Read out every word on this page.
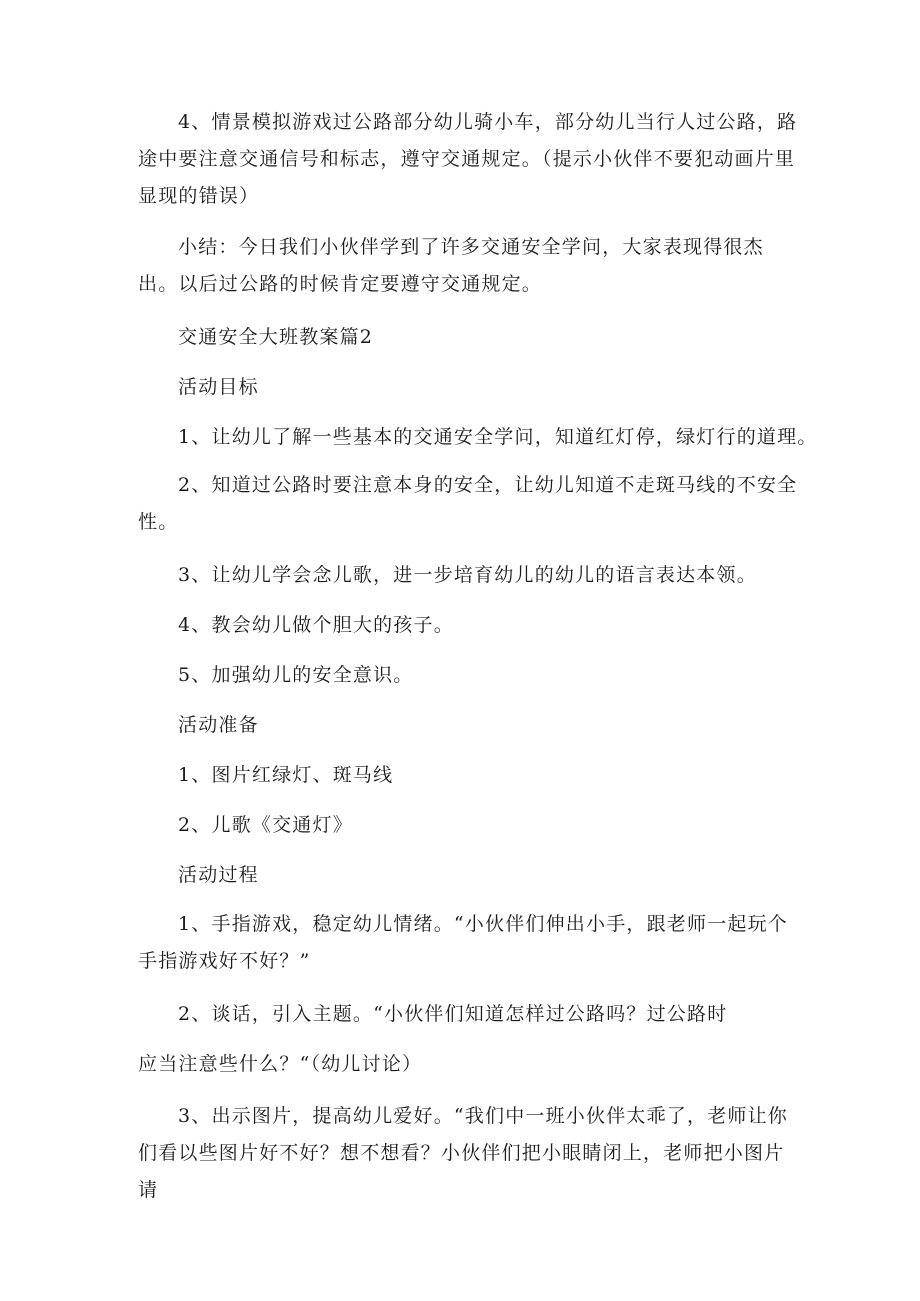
4、情景模拟游戏过公路部分幼儿骑小车，部分幼儿当行人过公路，路途中要注意交通信号和标志，遵守交通规定。（提示小伙伴不要犯动画片里显现的错误）

小结：今日我们小伙伴学到了许多交通安全学问，大家表现得很杰出。以后过公路的时候肯定要遵守交通规定。

交通安全大班教案篇2

活动目标

1、让幼儿了解一些基本的交通安全学问，知道红灯停，绿灯行的道理。

2、知道过公路时要注意本身的安全，让幼儿知道不走斑马线的不安全性。

3、让幼儿学会念儿歌，进一步培育幼儿的幼儿的语言表达本领。

4、教会幼儿做个胆大的孩子。

5、加强幼儿的安全意识。

活动准备

1、图片红绿灯、斑马线

2、儿歌《交通灯》

活动过程

1、手指游戏，稳定幼儿情绪。“小伙伴们伸出小手，跟老师一起玩个手指游戏好不好？”

2、谈话，引入主题。“小伙伴们知道怎样过公路吗？过公路时

应当注意些什么？“（幼儿讨论）

3、出示图片，提高幼儿爱好。“我们中一班小伙伴太乖了，老师让你们看以些图片好不好？想不想看？小伙伴们把小眼睛闭上，老师把小图片请
